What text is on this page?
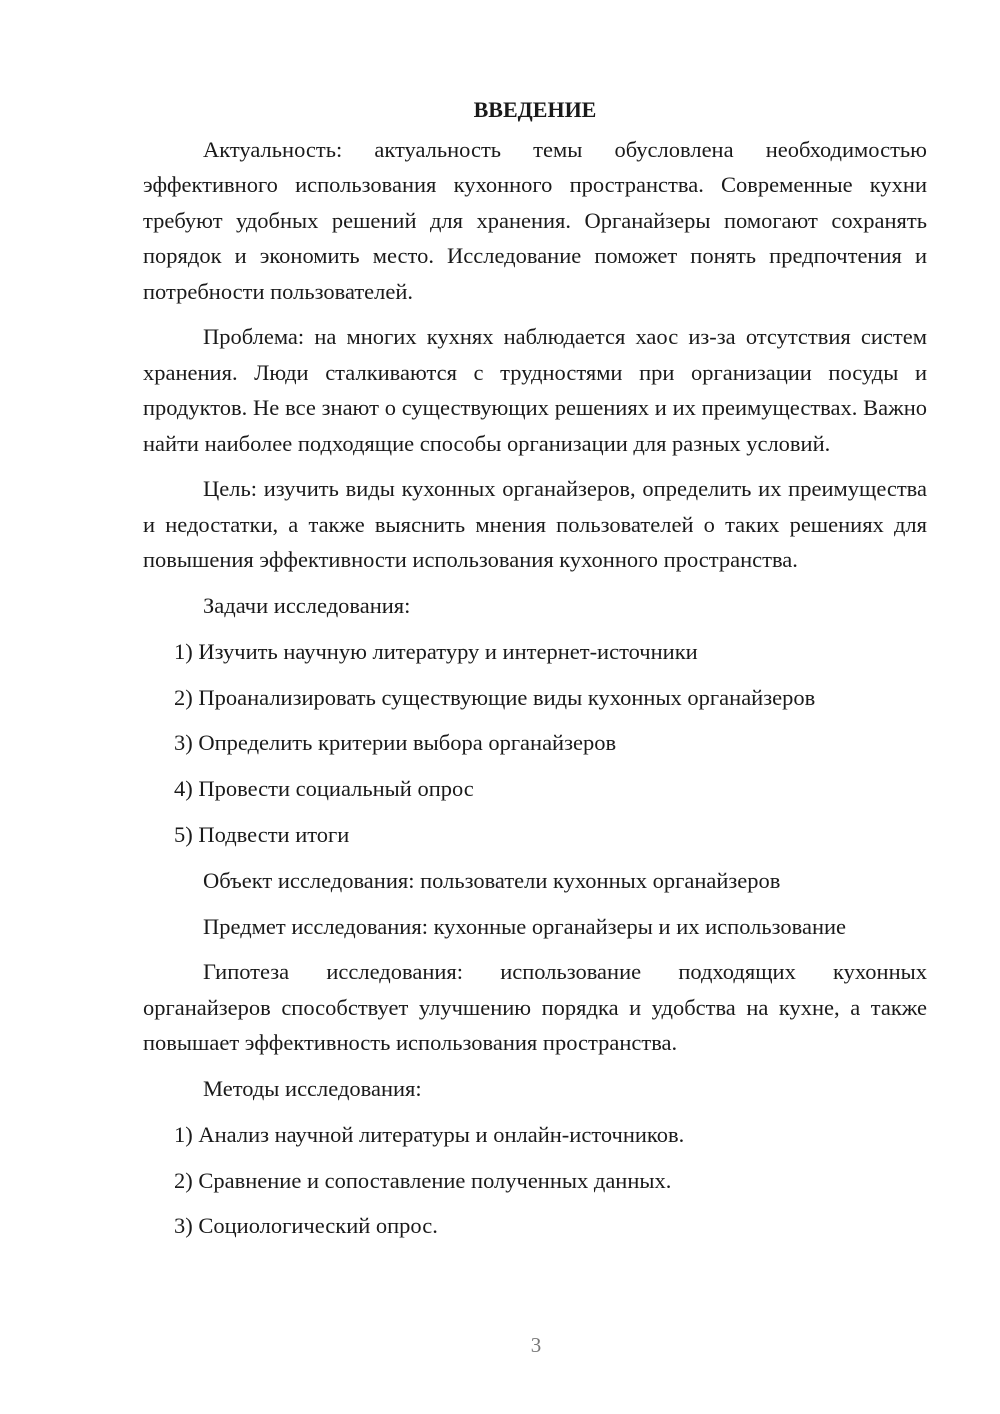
ВВЕДЕНИЕ

Актуальность: актуальность темы обусловлена необходимостью эффективного использования кухонного пространства. Современные кухни требуют удобных решений для хранения. Органайзеры помогают сохранять порядок и экономить место. Исследование поможет понять предпочтения и потребности пользователей.

Проблема: на многих кухнях наблюдается хаос из-за отсутствия систем хранения. Люди сталкиваются с трудностями при организации посуды и продуктов. Не все знают о существующих решениях и их преимуществах. Важно найти наиболее подходящие способы организации для разных условий.

Цель: изучить виды кухонных органайзеров, определить их преимущества и недостатки, а также выяснить мнения пользователей о таких решениях для повышения эффективности использования кухонного пространства.

Задачи исследования:
1) Изучить научную литературу и интернет-источники
2) Проанализировать существующие виды кухонных органайзеров
3) Определить критерии выбора органайзеров
4) Провести социальный опрос
5) Подвести итоги
Объект исследования: пользователи кухонных органайзеров
Предмет исследования: кухонные органайзеры и их использование

Гипотеза исследования: использование подходящих кухонных органайзеров способствует улучшению порядка и удобства на кухне, а также повышает эффективность использования пространства.

Методы исследования:
1) Анализ научной литературы и онлайн-источников.
2) Сравнение и сопоставление полученных данных.
3) Социологический опрос.
3
